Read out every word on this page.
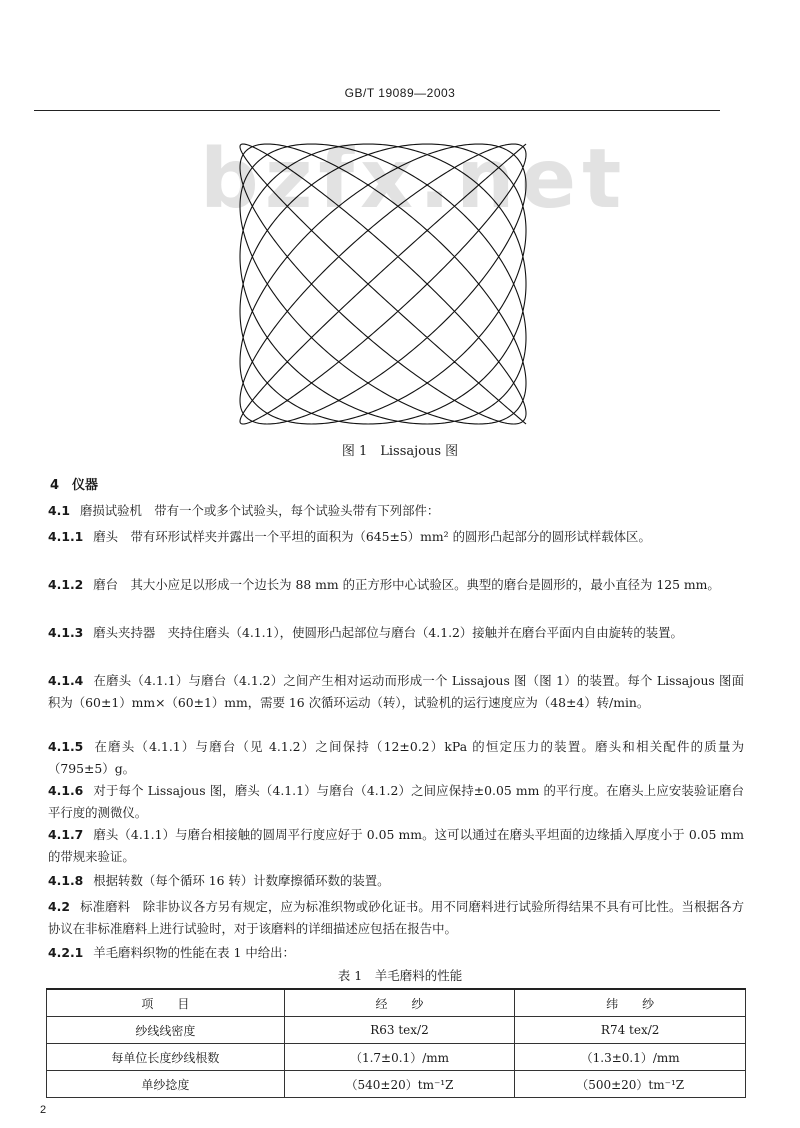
GB/T 19089—2003
bzfx.net
图 1　Lissajous 图
4　仪器
4.1 磨损试验机　带有一个或多个试验头，每个试验头带有下列部件：
4.1.1 磨头　带有环形试样夹并露出一个平坦的面积为（645±5）mm² 的圆形凸起部分的圆形试样载体区。
4.1.2 磨台　其大小应足以形成一个边长为 88 mm 的正方形中心试验区。典型的磨台是圆形的，最小直径为 125 mm。
4.1.3 磨头夹持器　夹持住磨头（4.1.1），使圆形凸起部位与磨台（4.1.2）接触并在磨台平面内自由旋转的装置。
4.1.4 在磨头（4.1.1）与磨台（4.1.2）之间产生相对运动而形成一个 Lissajous 图（图 1）的装置。每个 Lissajous 图面积为（60±1）mm×（60±1）mm，需要 16 次循环运动（转），试验机的运行速度应为（48±4）转/min。
4.1.5 在磨头（4.1.1）与磨台（见 4.1.2）之间保持（12±0.2）kPa 的恒定压力的装置。磨头和相关配件的质量为（795±5）g。
4.1.6 对于每个 Lissajous 图，磨头（4.1.1）与磨台（4.1.2）之间应保持±0.05 mm 的平行度。在磨头上应安装验证磨台平行度的测微仪。
4.1.7 磨头（4.1.1）与磨台相接触的圆周平行度应好于 0.05 mm。这可以通过在磨头平坦面的边缘插入厚度小于 0.05 mm 的带规来验证。
4.1.8 根据转数（每个循环 16 转）计数摩擦循环数的装置。
4.2 标准磨料　除非协议各方另有规定，应为标准织物或砂化证书。用不同磨料进行试验所得结果不具有可比性。当根据各方协议在非标准磨料上进行试验时，对于该磨料的详细描述应包括在报告中。
4.2.1 羊毛磨料织物的性能在表 1 中给出：
表 1　羊毛磨料的性能
项　　目	经　　纱	纬　　纱
纱线线密度	R63 tex/2	R74 tex/2
每单位长度纱线根数	（1.7±0.1）/mm	（1.3±0.1）/mm
单纱捻度	（540±20）tm⁻¹Z	（500±20）tm⁻¹Z
2
